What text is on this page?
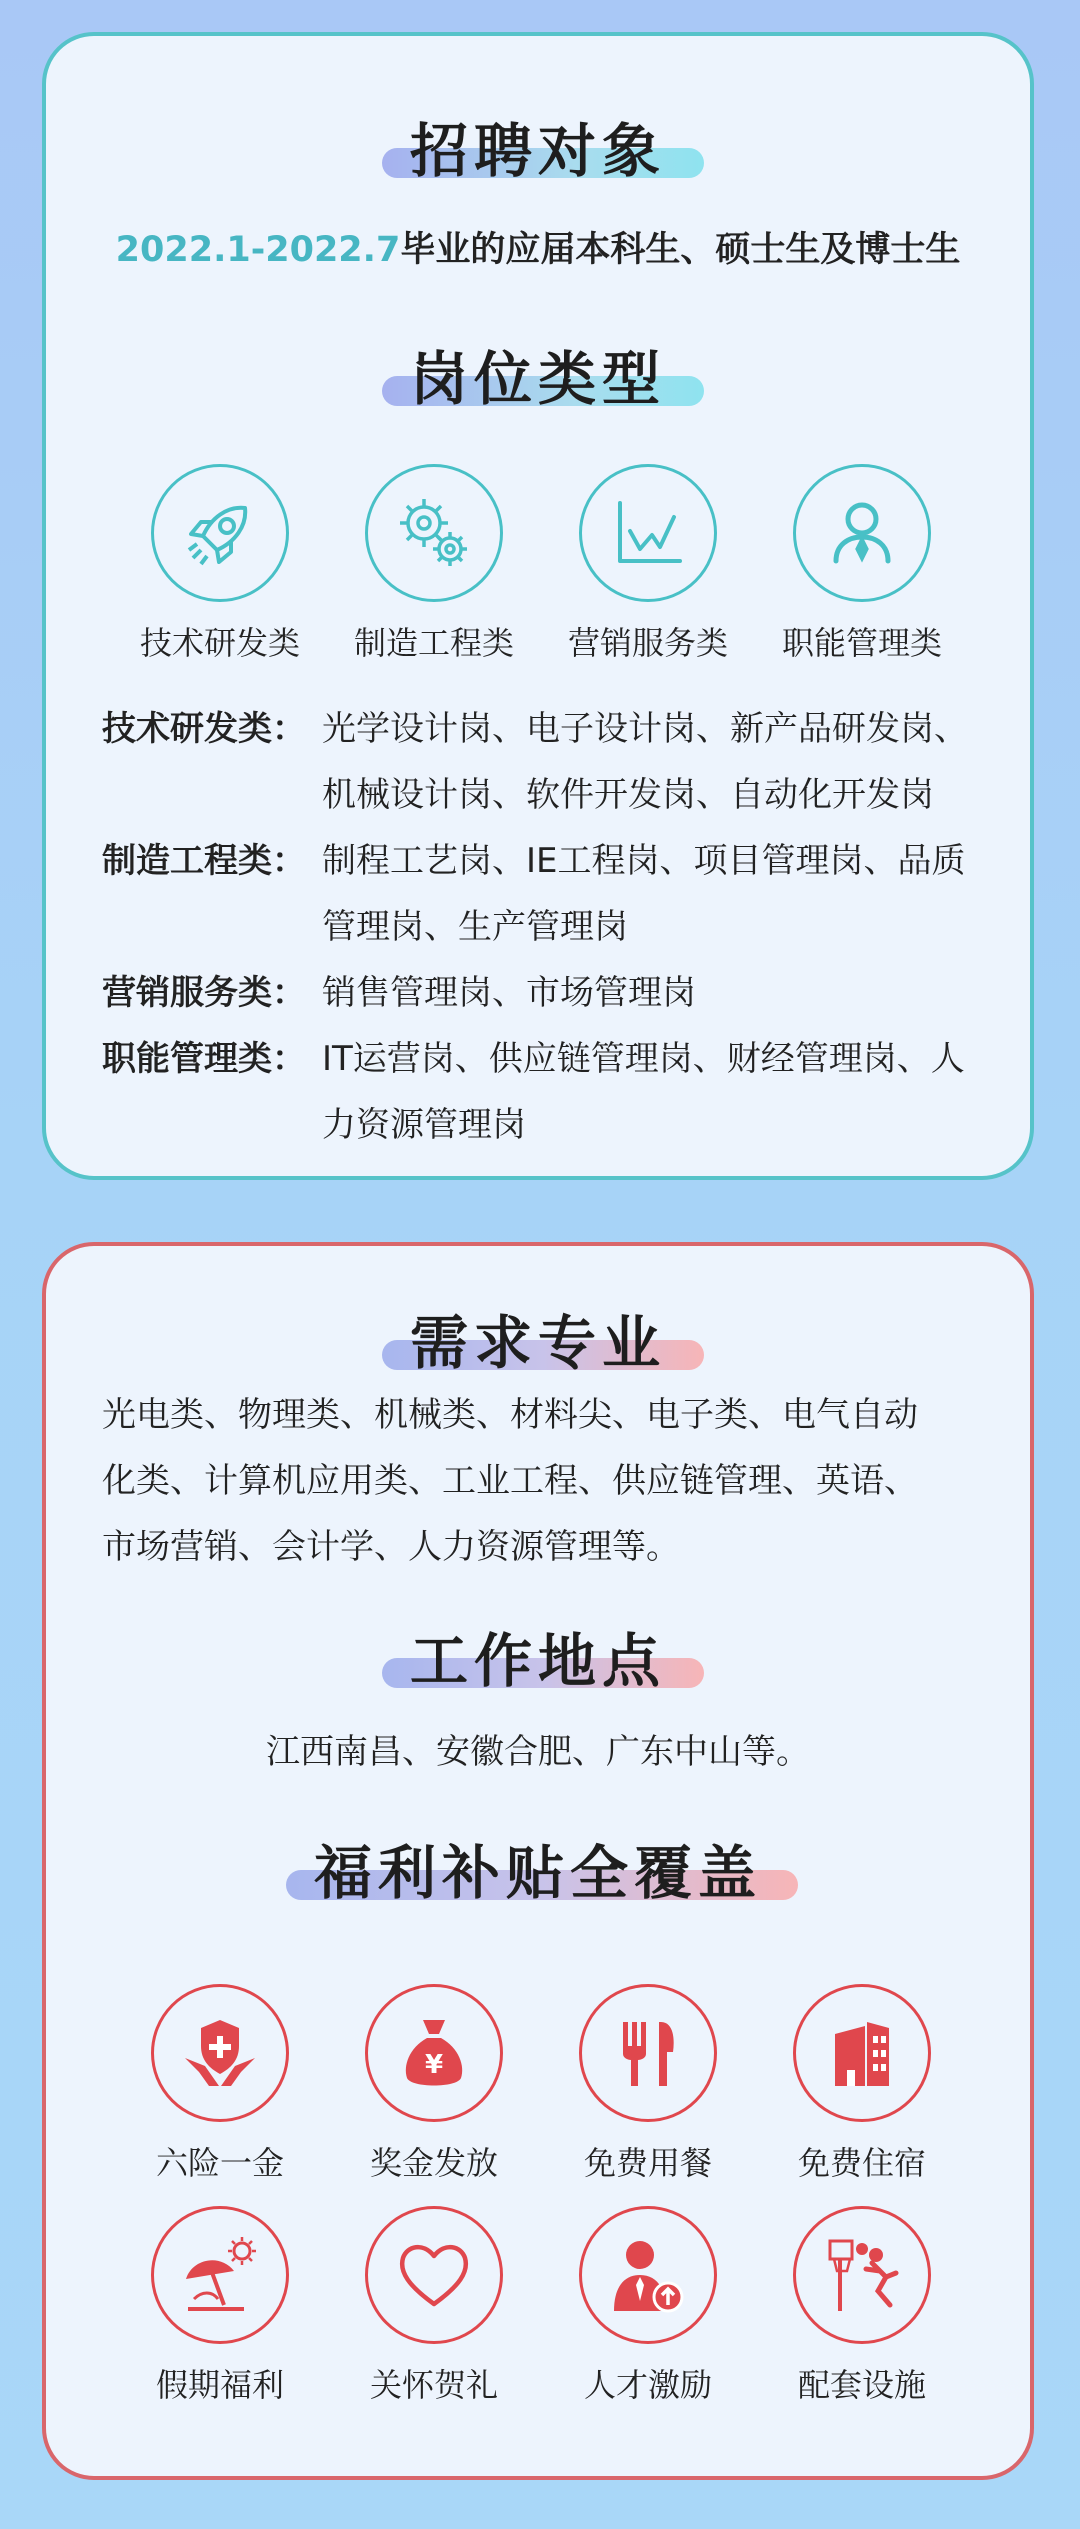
招聘对象
2022.1-2022.7毕业的应届本科生、硕士生及博士生
岗位类型
技术研发类	制造工程类	营销服务类	职能管理类
技术研发类： 光学设计岗、电子设计岗、新产品研发岗、
机械设计岗、软件开发岗、自动化开发岗
制造工程类： 制程工艺岗、IE工程岗、项目管理岗、品质
管理岗、生产管理岗
营销服务类： 销售管理岗、市场管理岗
职能管理类： IT运营岗、供应链管理岗、财经管理岗、人
力资源管理岗
需求专业
光电类、物理类、机械类、材料尖、电子类、电气自动
化类、计算机应用类、工业工程、供应链管理、英语、
市场营销、会计学、人力资源管理等。
工作地点
江西南昌、安徽合肥、广东中山等。
福利补贴全覆盖
六险一金
¥
奖金发放	免费用餐	免费住宿
假期福利	关怀贺礼	人才激励	配套设施
